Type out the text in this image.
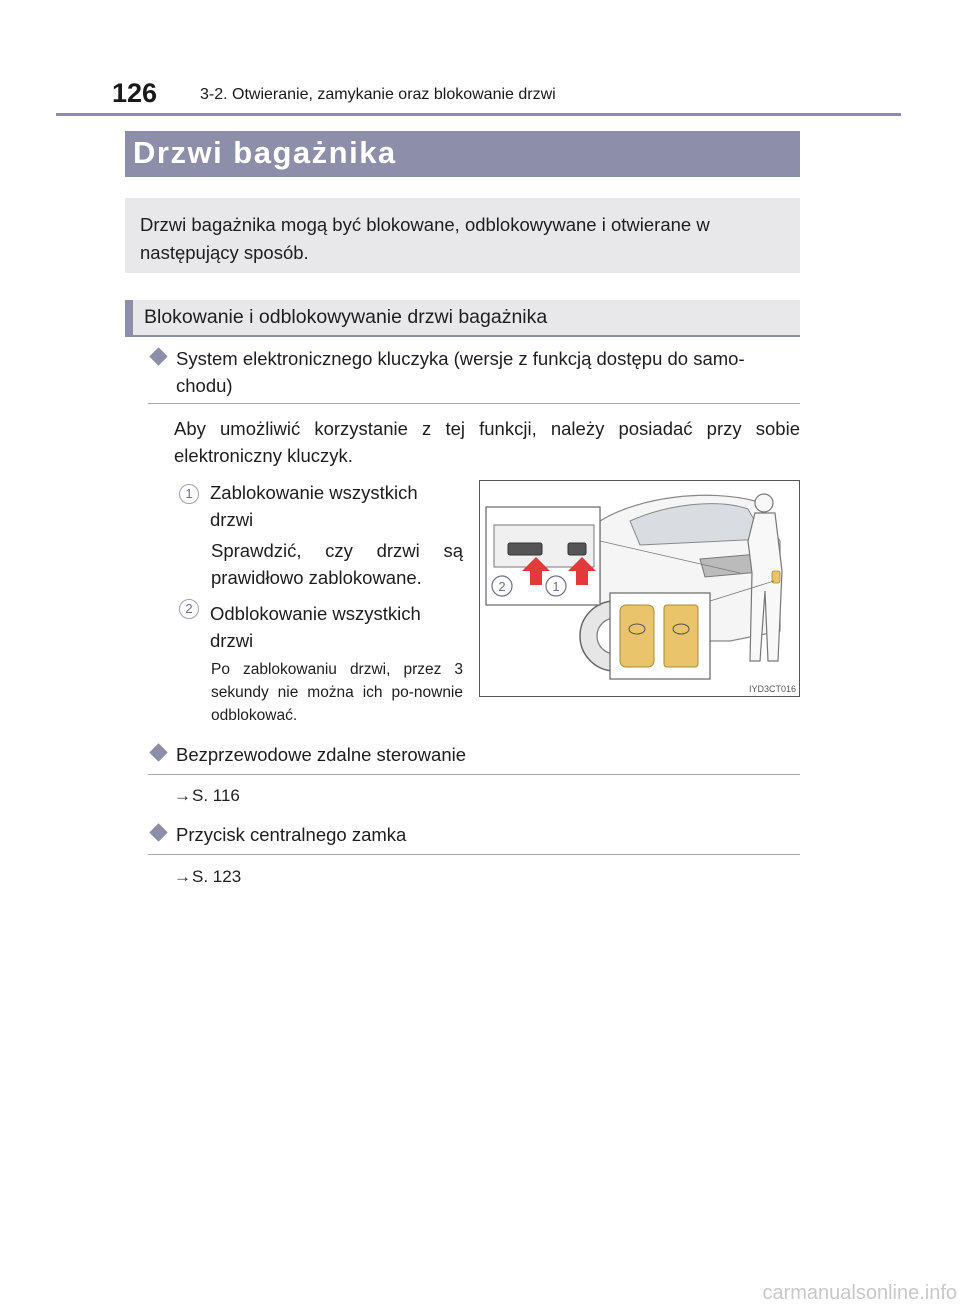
126	3-2. Otwieranie, zamykanie oraz blokowanie drzwi
Drzwi bagażnika
Drzwi bagażnika mogą być blokowane, odblokowywane i otwierane w następujący sposób.
Blokowanie i odblokowywanie drzwi bagażnika
System elektronicznego kluczyka (wersje z funkcją dostępu do samo-chodu)
Aby umożliwić korzystanie z tej funkcji, należy posiadać przy sobie elektroniczny kluczyk.
1 Zablokowanie wszystkich drzwi
Sprawdzić, czy drzwi są prawidłowo zablokowane.
2 Odblokowanie wszystkich drzwi
Po zablokowaniu drzwi, przez 3 sekundy nie można ich po-nownie odblokować.
2	1
IYD3CT016
Bezprzewodowe zdalne sterowanie
→S. 116
Przycisk centralnego zamka
→S. 123
carmanualsonline.info
